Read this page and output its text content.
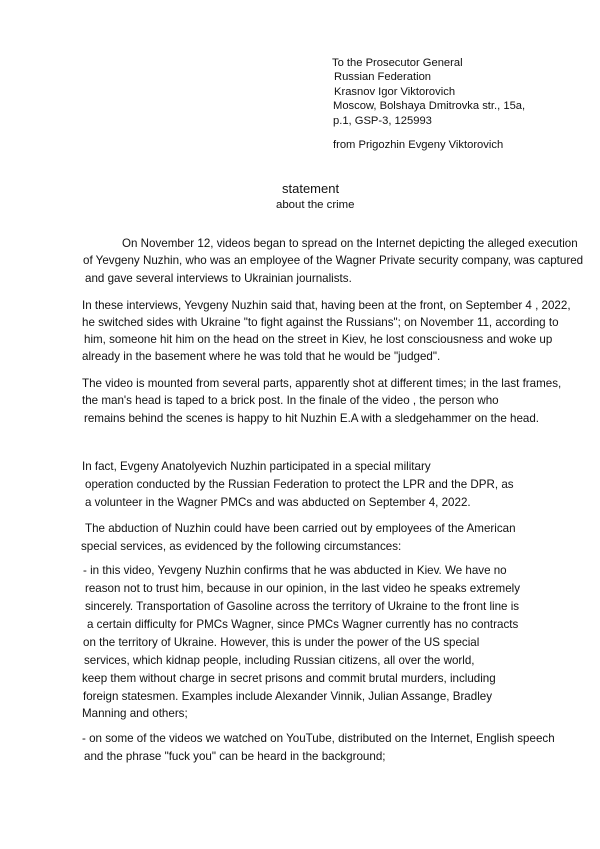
To the Prosecutor General
Russian Federation
Krasnov Igor Viktorovich
Moscow, Bolshaya Dmitrovka str., 15a,
p.1, GSP-3, 125993
from Prigozhin Evgeny Viktorovich
statement
about the crime
On November 12, videos began to spread on the Internet depicting the alleged execution
of Yevgeny Nuzhin, who was an employee of the Wagner Private security company, was captured
and gave several interviews to Ukrainian journalists.
In these interviews, Yevgeny Nuzhin said that, having been at the front, on September 4 , 2022,
he switched sides with Ukraine "to fight against the Russians"; on November 11, according to
him, someone hit him on the head on the street in Kiev, he lost consciousness and woke up
already in the basement where he was told that he would be "judged".
The video is mounted from several parts, apparently shot at different times; in the last frames,
the man's head is taped to a brick post. In the finale of the video , the person who
remains behind the scenes is happy to hit Nuzhin E.A with a sledgehammer on the head.
In fact, Evgeny Anatolyevich Nuzhin participated in a special military
operation conducted by the Russian Federation to protect the LPR and the DPR, as
a volunteer in the Wagner PMCs and was abducted on September 4, 2022.
The abduction of Nuzhin could have been carried out by employees of the American
special services, as evidenced by the following circumstances:
- in this video, Yevgeny Nuzhin confirms that he was abducted in Kiev. We have no
reason not to trust him, because in our opinion, in the last video he speaks extremely
sincerely. Transportation of Gasoline across the territory of Ukraine to the front line is
a certain difficulty for PMCs Wagner, since PMCs Wagner currently has no contracts
on the territory of Ukraine. However, this is under the power of the US special
services, which kidnap people, including Russian citizens, all over the world,
keep them without charge in secret prisons and commit brutal murders, including
foreign statesmen. Examples include Alexander Vinnik, Julian Assange, Bradley
Manning and others;
- on some of the videos we watched on YouTube, distributed on the Internet, English speech
and the phrase "fuck you" can be heard in the background;
